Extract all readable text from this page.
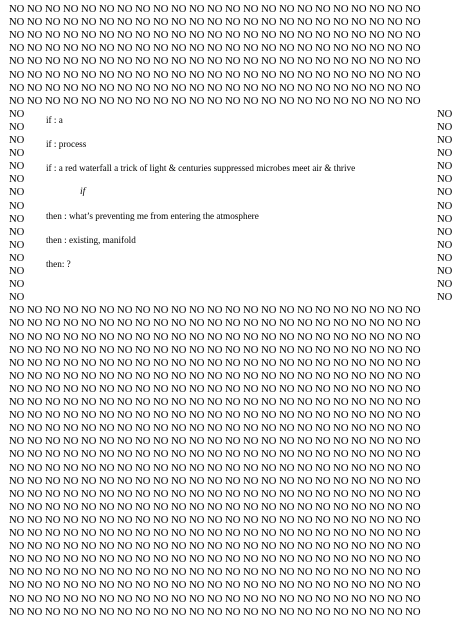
NO NO NO NO NO NO NO NO NO NO NO NO NO NO NO NO NO NO NO NO NO NO NO
NO NO NO NO NO NO NO NO NO NO NO NO NO NO NO NO NO NO NO NO NO NO NO
NO NO NO NO NO NO NO NO NO NO NO NO NO NO NO NO NO NO NO NO NO NO NO
NO NO NO NO NO NO NO NO NO NO NO NO NO NO NO NO NO NO NO NO NO NO NO
NO NO NO NO NO NO NO NO NO NO NO NO NO NO NO NO NO NO NO NO NO NO NO
NO NO NO NO NO NO NO NO NO NO NO NO NO NO NO NO NO NO NO NO NO NO NO
NO NO NO NO NO NO NO NO NO NO NO NO NO NO NO NO NO NO NO NO NO NO NO
NO NO NO NO NO NO NO NO NO NO NO NO NO NO NO NO NO NO NO NO NO NO NO
NO	NO
NO	NO
NO	NO
NO	NO
NO	NO
NO	NO
NO	NO
NO	NO
NO	NO
NO	NO
NO	NO
NO	NO
NO	NO
NO	NO
NO	NO
NO NO NO NO NO NO NO NO NO NO NO NO NO NO NO NO NO NO NO NO NO NO NO
NO NO NO NO NO NO NO NO NO NO NO NO NO NO NO NO NO NO NO NO NO NO NO
NO NO NO NO NO NO NO NO NO NO NO NO NO NO NO NO NO NO NO NO NO NO NO
NO NO NO NO NO NO NO NO NO NO NO NO NO NO NO NO NO NO NO NO NO NO NO
NO NO NO NO NO NO NO NO NO NO NO NO NO NO NO NO NO NO NO NO NO NO NO
NO NO NO NO NO NO NO NO NO NO NO NO NO NO NO NO NO NO NO NO NO NO NO
NO NO NO NO NO NO NO NO NO NO NO NO NO NO NO NO NO NO NO NO NO NO NO
NO NO NO NO NO NO NO NO NO NO NO NO NO NO NO NO NO NO NO NO NO NO NO
NO NO NO NO NO NO NO NO NO NO NO NO NO NO NO NO NO NO NO NO NO NO NO
NO NO NO NO NO NO NO NO NO NO NO NO NO NO NO NO NO NO NO NO NO NO NO
NO NO NO NO NO NO NO NO NO NO NO NO NO NO NO NO NO NO NO NO NO NO NO
NO NO NO NO NO NO NO NO NO NO NO NO NO NO NO NO NO NO NO NO NO NO NO
NO NO NO NO NO NO NO NO NO NO NO NO NO NO NO NO NO NO NO NO NO NO NO
NO NO NO NO NO NO NO NO NO NO NO NO NO NO NO NO NO NO NO NO NO NO NO
NO NO NO NO NO NO NO NO NO NO NO NO NO NO NO NO NO NO NO NO NO NO NO
NO NO NO NO NO NO NO NO NO NO NO NO NO NO NO NO NO NO NO NO NO NO NO
NO NO NO NO NO NO NO NO NO NO NO NO NO NO NO NO NO NO NO NO NO NO NO
NO NO NO NO NO NO NO NO NO NO NO NO NO NO NO NO NO NO NO NO NO NO NO
NO NO NO NO NO NO NO NO NO NO NO NO NO NO NO NO NO NO NO NO NO NO NO
NO NO NO NO NO NO NO NO NO NO NO NO NO NO NO NO NO NO NO NO NO NO NO
NO NO NO NO NO NO NO NO NO NO NO NO NO NO NO NO NO NO NO NO NO NO NO
NO NO NO NO NO NO NO NO NO NO NO NO NO NO NO NO NO NO NO NO NO NO NO
NO NO NO NO NO NO NO NO NO NO NO NO NO NO NO NO NO NO NO NO NO NO NO
NO NO NO NO NO NO NO NO NO NO NO NO NO NO NO NO NO NO NO NO NO NO NO
if : a
if : process
if : a red waterfall a trick of light & centuries suppressed microbes meet air & thrive
if
then : what’s preventing me from entering the atmosphere
then : existing, manifold
then: ?
